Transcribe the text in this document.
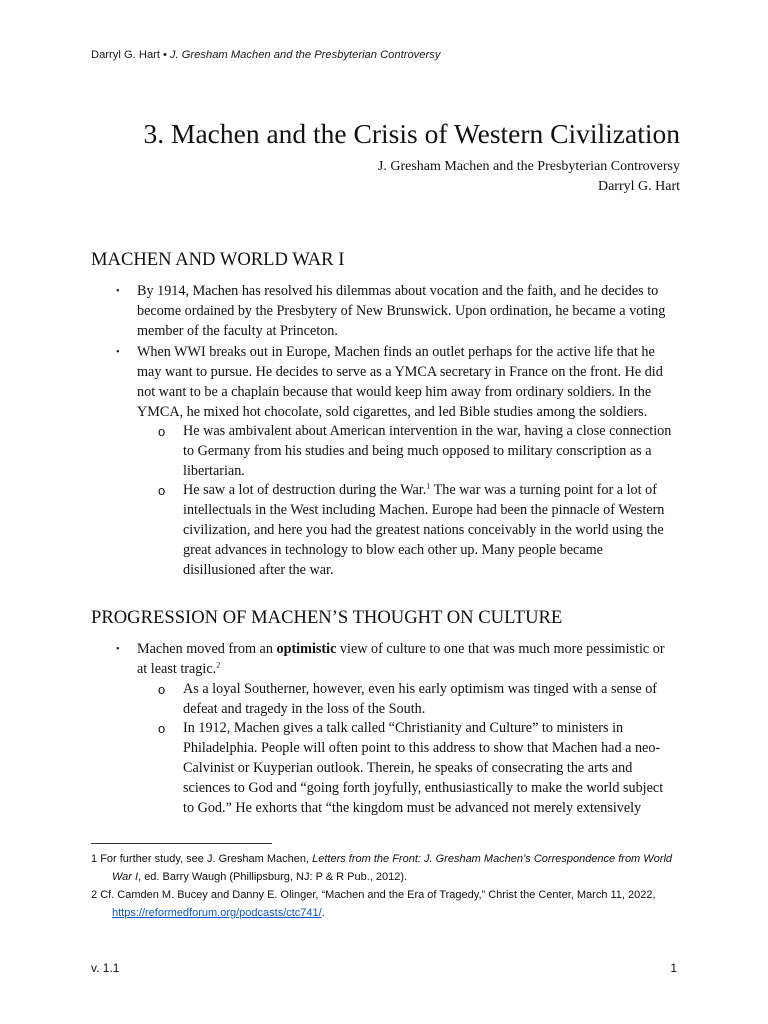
Darryl G. Hart • J. Gresham Machen and the Presbyterian Controversy
3. Machen and the Crisis of Western Civilization
J. Gresham Machen and the Presbyterian Controversy
Darryl G. Hart
MACHEN AND WORLD WAR I
• By 1914, Machen has resolved his dilemmas about vocation and the faith, and he decides to become ordained by the Presbytery of New Brunswick. Upon ordination, he became a voting member of the faculty at Princeton.
• When WWI breaks out in Europe, Machen finds an outlet perhaps for the active life that he may want to pursue. He decides to serve as a YMCA secretary in France on the front. He did not want to be a chaplain because that would keep him away from ordinary soldiers. In the YMCA, he mixed hot chocolate, sold cigarettes, and led Bible studies among the soldiers.
o He was ambivalent about American intervention in the war, having a close connection to Germany from his studies and being much opposed to military conscription as a libertarian.
o He saw a lot of destruction during the War.$^1$ The war was a turning point for a lot of intellectuals in the West including Machen. Europe had been the pinnacle of Western civilization, and here you had the greatest nations conceivably in the world using the great advances in technology to blow each other up. Many people became disillusioned after the war.
PROGRESSION OF MACHEN’S THOUGHT ON CULTURE
• Machen moved from an optimistic view of culture to one that was much more pessimistic or at least tragic.$^2$
o As a loyal Southerner, however, even his early optimism was tinged with a sense of defeat and tragedy in the loss of the South.
o In 1912, Machen gives a talk called “Christianity and Culture” to ministers in Philadelphia. People will often point to this address to show that Machen had a neo-Calvinist or Kuyperian outlook. Therein, he speaks of consecrating the arts and sciences to God and “going forth joyfully, enthusiastically to make the world subject to God.” He exhorts that “the kingdom must be advanced not merely extensively
1 For further study, see J. Gresham Machen, Letters from the Front: J. Gresham Machen’s Correspondence from World War I, ed. Barry Waugh (Phillipsburg, NJ: P & R Pub., 2012).
2 Cf. Camden M. Bucey and Danny E. Olinger, “Machen and the Era of Tragedy,” Christ the Center, March 11, 2022, https://reformedforum.org/podcasts/ctc741/.
v. 1.1	1
